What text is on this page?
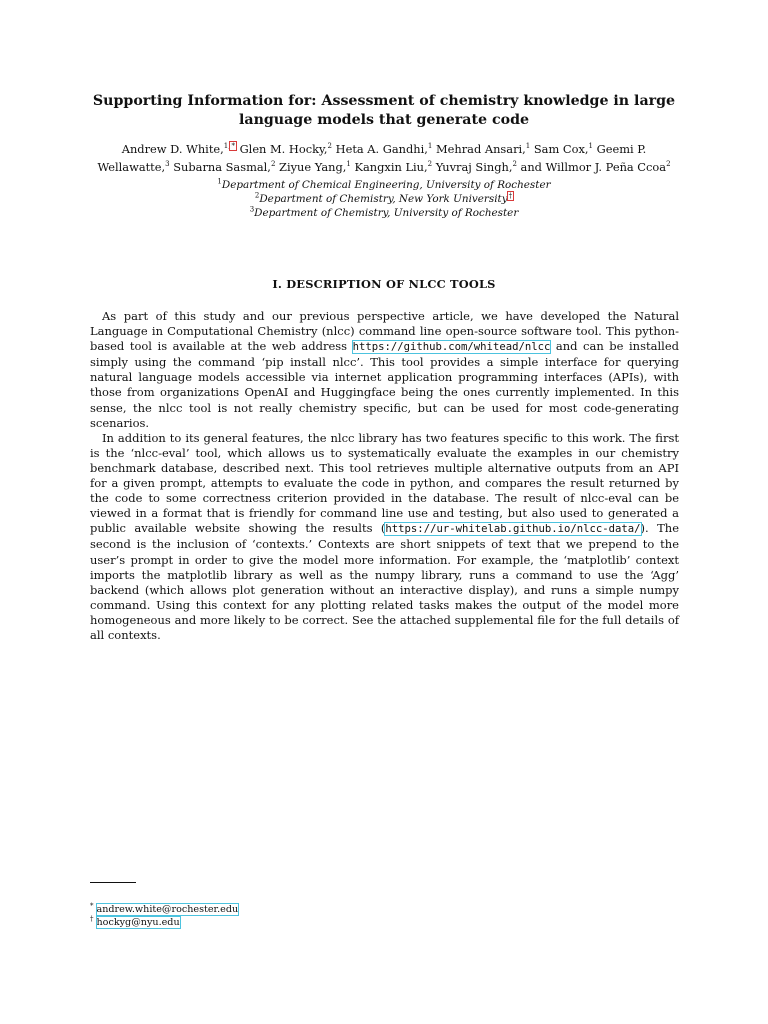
Supporting Information for: Assessment of chemistry knowledge in large
language models that generate code
Andrew D. White,$^{1,*}$ Glen M. Hocky,$^2$ Heta A. Gandhi,$^1$ Mehrad Ansari,$^1$ Sam Cox,$^1$ Geemi P. Wellawatte,$^3$ Subarna Sasmal,$^2$ Ziyue Yang,$^1$ Kangxin Liu,$^2$ Yuvraj Singh,$^2$ and Willmor J. Peña Ccoa$^2$
$^1$Department of Chemical Engineering, University of Rochester
$^2$Department of Chemistry, New York University†
$^3$Department of Chemistry, University of Rochester
I. DESCRIPTION OF NLCC TOOLS

As part of this study and our previous perspective article, we have developed the Natural Language in Computational Chemistry (nlcc) command line open-source software tool. This python-based tool is available at the web address https://github.com/whitead/nlcc and can be installed simply using the command ‘pip install nlcc’. This tool provides a simple interface for querying natural language models accessible via internet application programming interfaces (APIs), with those from organizations OpenAI and Huggingface being the ones currently implemented. In this sense, the nlcc tool is not really chemistry specific, but can be used for most code-generating scenarios.

In addition to its general features, the nlcc library has two features specific to this work. The first is the ‘nlcc-eval’ tool, which allows us to systematically evaluate the examples in our chemistry benchmark database, described next. This tool retrieves multiple alternative outputs from an API for a given prompt, attempts to evaluate the code in python, and compares the result returned by the code to some correctness criterion provided in the database. The result of nlcc-eval can be viewed in a format that is friendly for command line use and testing, but also used to generated a public available website showing the results (https://ur-whitelab.github.io/nlcc-data/). The second is the inclusion of ‘contexts.’ Contexts are short snippets of text that we prepend to the user’s prompt in order to give the model more information. For example, the ‘matplotlib’ context imports the matplotlib library as well as the numpy library, runs a command to use the ‘Agg’ backend (which allows plot generation without an interactive display), and runs a simple numpy command. Using this context for any plotting related tasks makes the output of the model more homogeneous and more likely to be correct. See the attached supplemental file for the full details of all contexts.

* andrew.white@rochester.edu
† hockyg@nyu.edu
